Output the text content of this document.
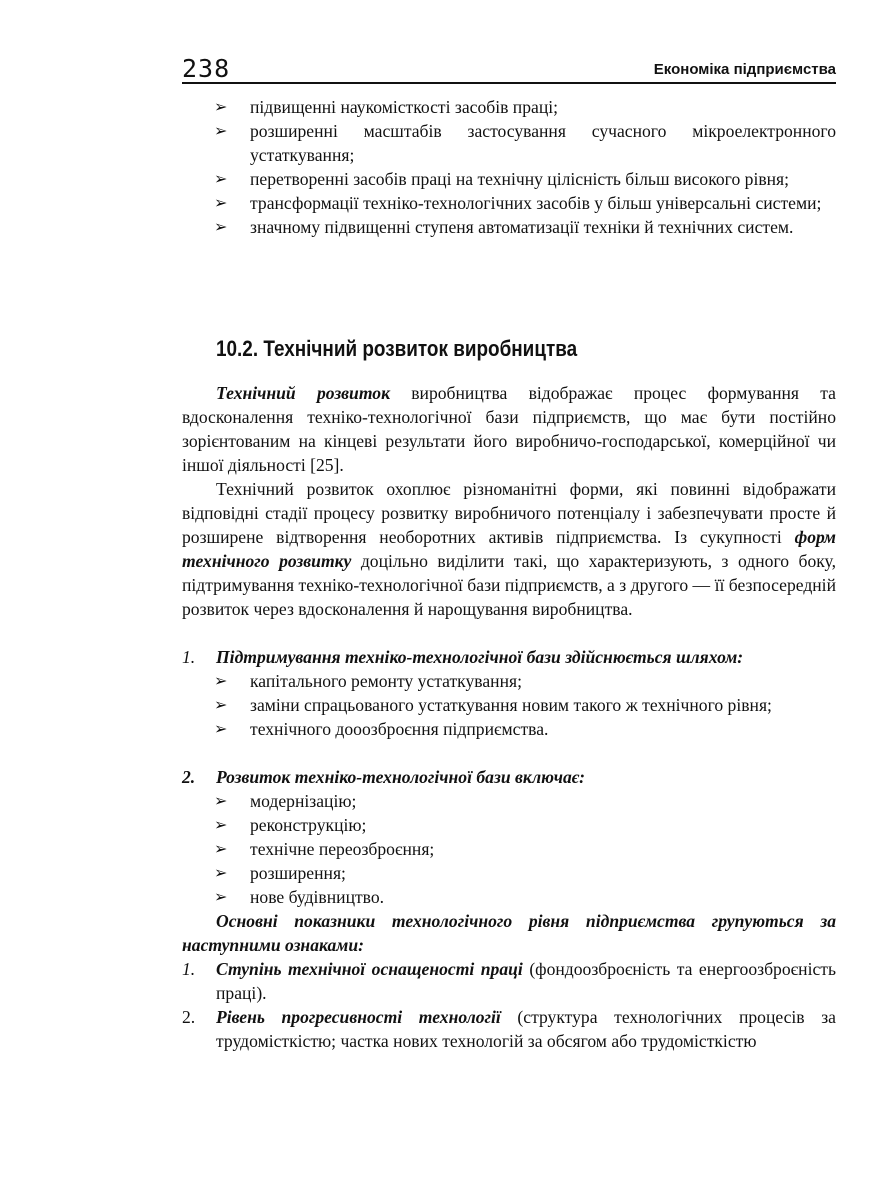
238	Економіка підприємства
➢ підвищенні наукомісткості засобів праці;
➢ розширенні масштабів застосування сучасного мікроелектронного устаткування;
➢ перетворенні засобів праці на технічну цілісність більш високого рівня;
➢ трансформації техніко-технологічних засобів у більш універсальні системи;
➢ значному підвищенні ступеня автоматизації техніки й технічних систем.
10.2. Технічний розвиток виробництва
Технічний розвиток виробництва відображає процес формування та вдосконалення техніко-технологічної бази підприємств, що має бути постійно зорієнтованим на кінцеві результати його виробничо-господарської, комерційної чи іншої діяльності [25].
Технічний розвиток охоплює різноманітні форми, які повинні відображати відповідні стадії процесу розвитку виробничого потенціалу і забезпечувати просте й розширене відтворення необоротних активів підприємства. Із сукупності форм технічного розвитку доцільно виділити такі, що характеризують, з одного боку, підтримування техніко-технологічної бази підприємств, а з другого — її безпосередній розвиток через вдосконалення й нарощування виробництва.
1. Підтримування техніко-технологічної бази здійснюється шляхом:
➢ капітального ремонту устаткування;
➢ заміни спрацьованого устаткування новим такого ж технічного рівня;
➢ технічного дооозброєння підприємства.
2. Розвиток техніко-технологічної бази включає:
➢ модернізацію;
➢ реконструкцію;
➢ технічне переозброєння;
➢ розширення;
➢ нове будівництво.
Основні показники технологічного рівня підприємства групуються за наступними ознаками:
1. Ступінь технічної оснащеності праці (фондоозброєність та енергоозброєність праці).
2. Рівень прогресивності технології (структура технологічних процесів за трудомісткістю; частка нових технологій за обсягом або трудомісткістю
